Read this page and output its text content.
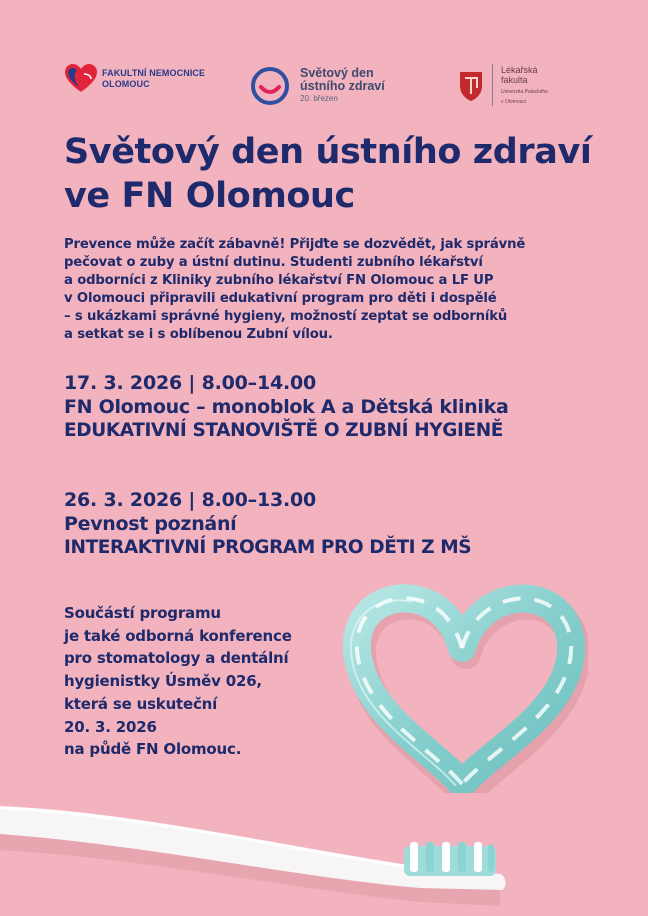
FAKULTNÍ NEMOCNICE
OLOMOUC
Světový den
ústního zdraví
20. březen
Lékařská
fakulta
Univerzita Palackého
v Olomouci
Světový den ústního zdraví
ve FN Olomouc
Prevence může začít zábavně! Přijďte se dozvědět, jak správně
pečovat o zuby a ústní dutinu. Studenti zubního lékařství
a odborníci z Kliniky zubního lékařství FN Olomouc a LF UP
v Olomouci připravili edukativní program pro děti i dospělé
– s ukázkami správné hygieny, možností zeptat se odborníků
a setkat se i s oblíbenou Zubní vílou.
17. 3. 2026 | 8.00–14.00
FN Olomouc – monoblok A a Dětská klinika
EDUKATIVNÍ STANOVIŠTĚ O ZUBNÍ HYGIENĚ
26. 3. 2026 | 8.00–13.00
Pevnost poznání
INTERAKTIVNÍ PROGRAM PRO DĚTI Z MŠ
Součástí programu
je také odborná konference
pro stomatology a dentální
hygienistky Úsměv 026,
která se uskuteční
20. 3. 2026
na půdě FN Olomouc.
